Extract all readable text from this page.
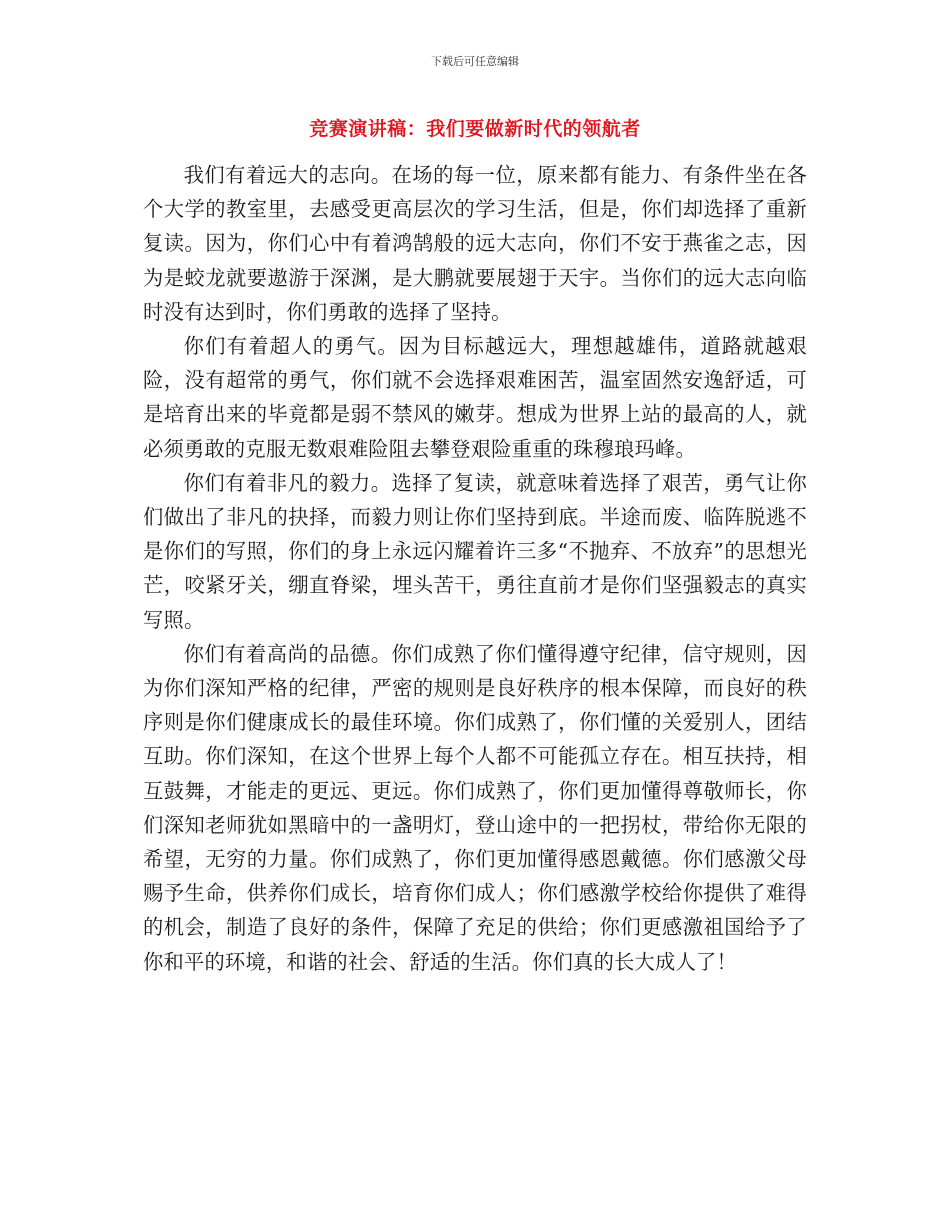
下载后可任意编辑
竞赛演讲稿：我们要做新时代的领航者

我们有着远大的志向。在场的每一位，原来都有能力、有条件坐在各个大学的教室里，去感受更高层次的学习生活，但是，你们却选择了重新复读。因为，你们心中有着鸿鹄般的远大志向，你们不安于燕雀之志，因为是蛟龙就要遨游于深渊，是大鹏就要展翅于天宇。当你们的远大志向临时没有达到时，你们勇敢的选择了坚持。

你们有着超人的勇气。因为目标越远大，理想越雄伟，道路就越艰险，没有超常的勇气，你们就不会选择艰难困苦，温室固然安逸舒适，可是培育出来的毕竟都是弱不禁风的嫩芽。想成为世界上站的最高的人，就必须勇敢的克服无数艰难险阻去攀登艰险重重的珠穆琅玛峰。

你们有着非凡的毅力。选择了复读，就意味着选择了艰苦，勇气让你们做出了非凡的抉择，而毅力则让你们坚持到底。半途而废、临阵脱逃不是你们的写照，你们的身上永远闪耀着许三多“不抛弃、不放弃”的思想光芒，咬紧牙关，绷直脊梁，埋头苦干，勇往直前才是你们坚强毅志的真实写照。

你们有着高尚的品德。你们成熟了你们懂得遵守纪律，信守规则，因为你们深知严格的纪律，严密的规则是良好秩序的根本保障，而良好的秩序则是你们健康成长的最佳环境。你们成熟了，你们懂的关爱别人，团结互助。你们深知，在这个世界上每个人都不可能孤立存在。相互扶持，相互鼓舞，才能走的更远、更远。你们成熟了，你们更加懂得尊敬师长，你们深知老师犹如黑暗中的一盏明灯，登山途中的一把拐杖，带给你无限的希望，无穷的力量。你们成熟了，你们更加懂得感恩戴德。你们感激父母赐予生命，供养你们成长，培育你们成人；你们感激学校给你提供了难得的机会，制造了良好的条件，保障了充足的供给；你们更感激祖国给予了你和平的环境，和谐的社会、舒适的生活。你们真的长大成人了！
